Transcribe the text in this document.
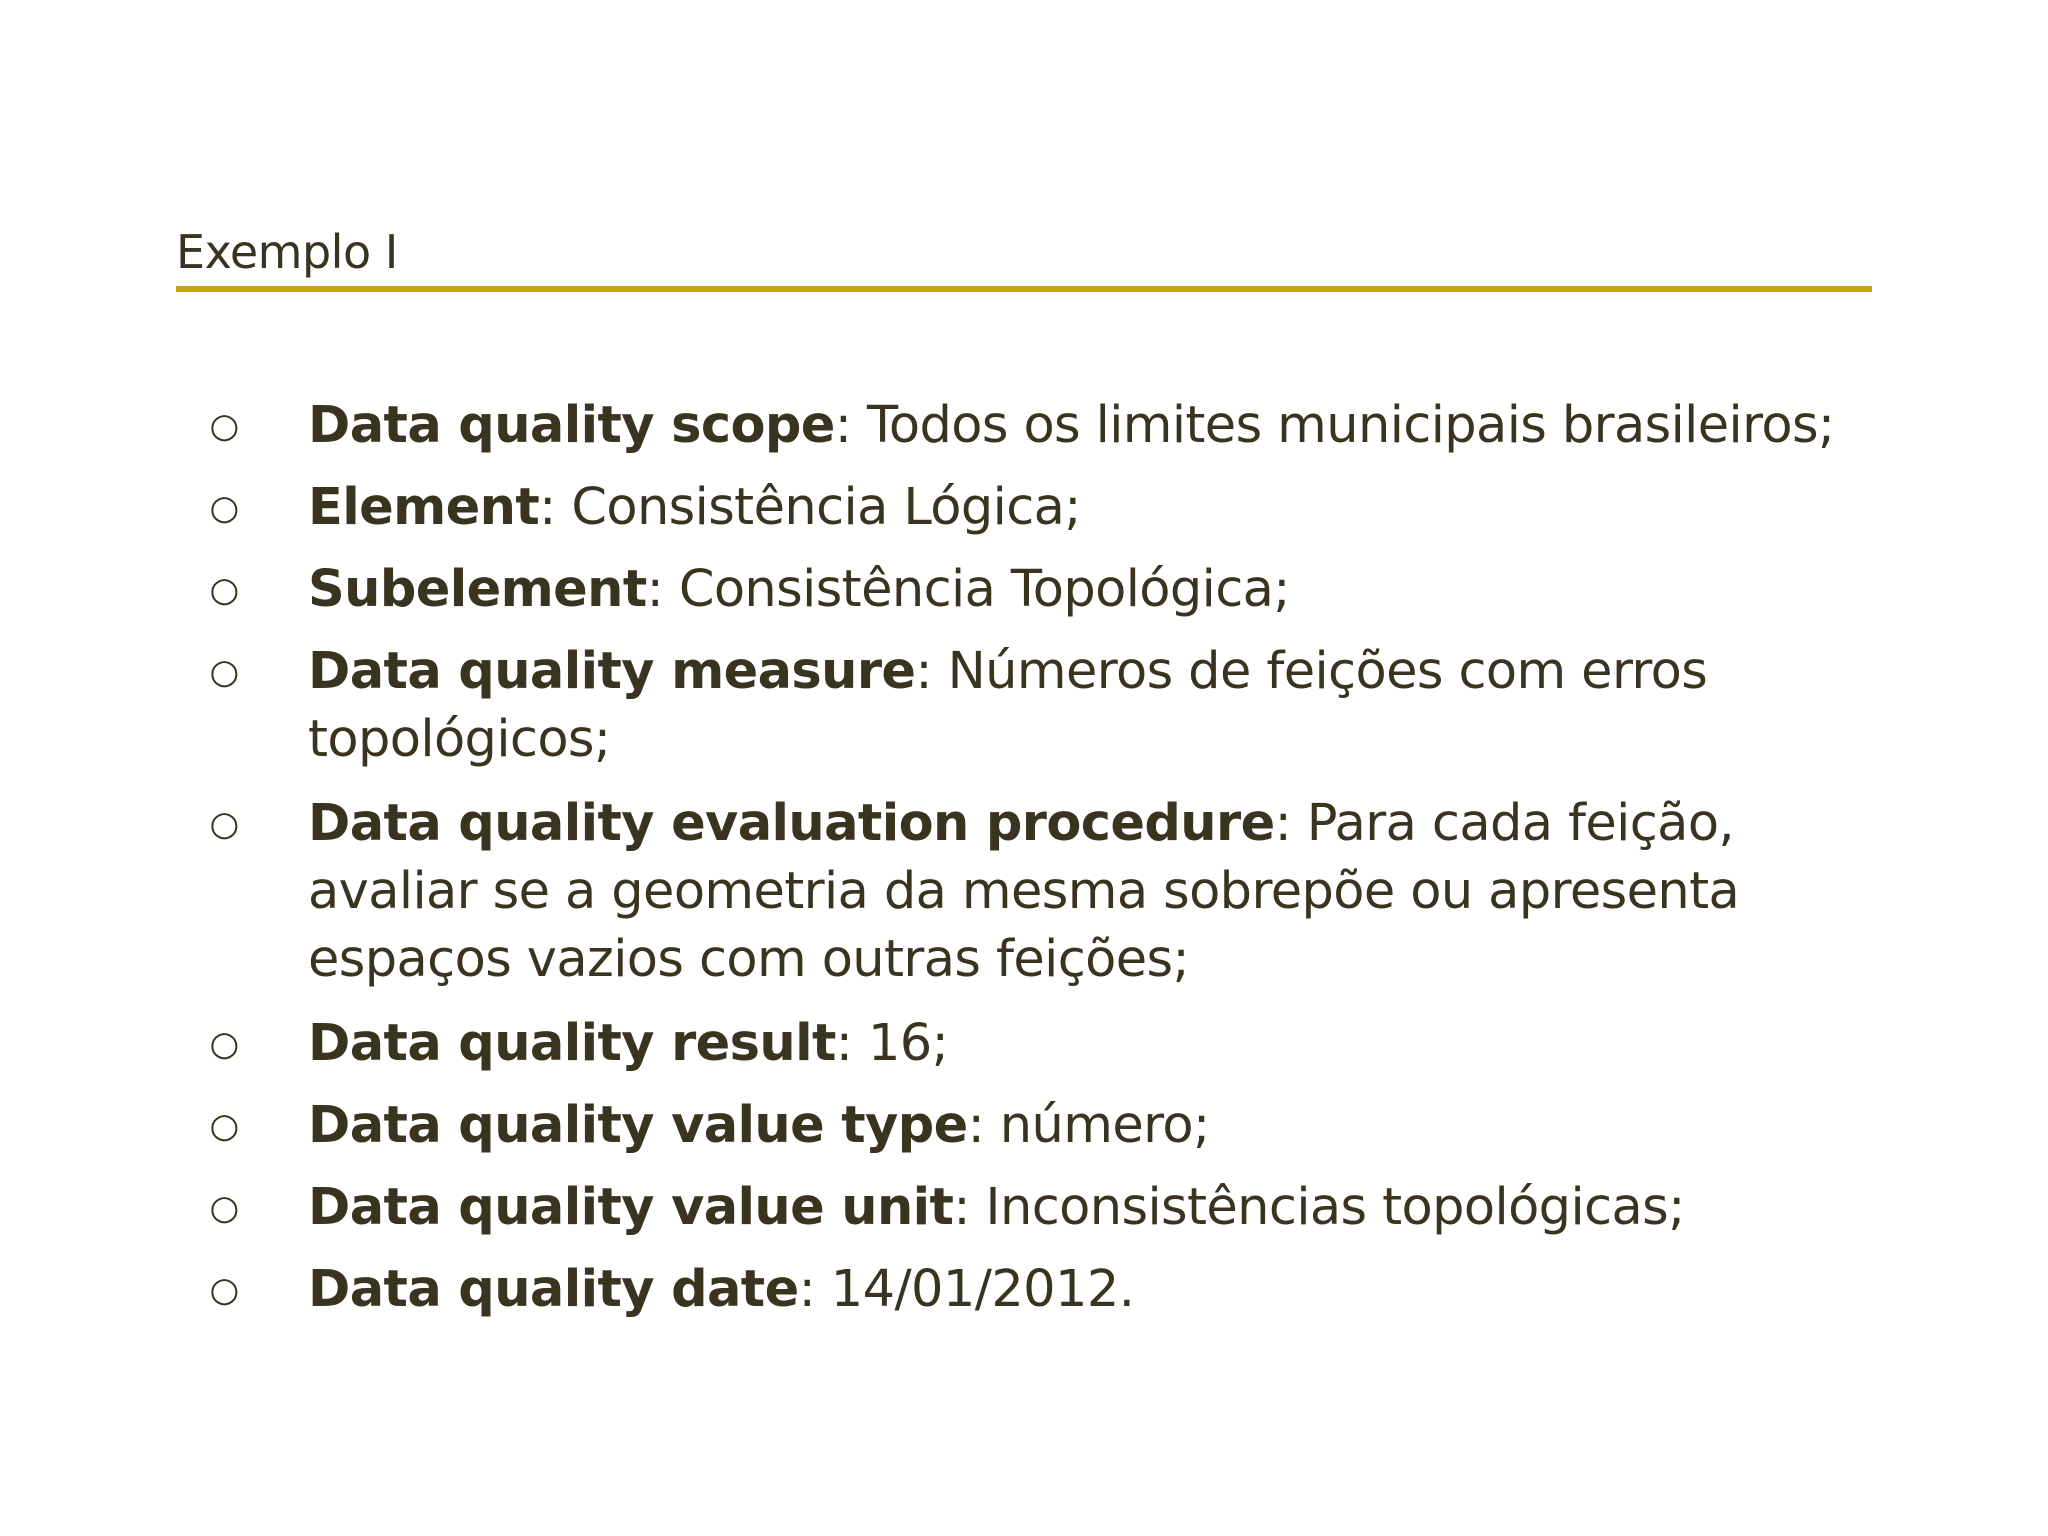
Exemplo I
○ Data quality scope: Todos os limites municipais brasileiros;
○ Element: Consistência Lógica;
○ Subelement: Consistência Topológica;
○ Data quality measure: Números de feições com erros topológicos;
○ Data quality evaluation procedure: Para cada feição, avaliar se a geometria da mesma sobrepõe ou apresenta espaços vazios com outras feições;
○ Data quality result: 16;
○ Data quality value type: número;
○ Data quality value unit: Inconsistências topológicas;
○ Data quality date: 14/01/2012.
